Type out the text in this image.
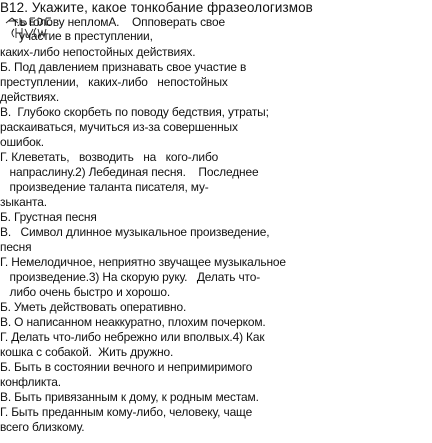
B12. Укажите, какое тонкобание фразеологизмов
т.ь голову непломА.    Опповерать свое
участие в преступлении,
каких-либо непостойных действиях.
Б. Под давлением признавать свое участие в
преступлении,   каких-либо   непостойных
действиях.
В.  Глубоко скорбеть по поводу бедствия, утраты;
раскаиваться, мучиться из-за совершенных
ошибок.
Г. Клеветать,   возводить   на   кого-либо
напраслину.2) Лебединая песня.    Последнее
произведение таланта писателя, му-
зыканта.
Б. Грустная песня
В.   Символ длинное музыкальное произведение,
песня
Г. Немелодичное, неприятно звучащее музыкальное
произведение.3) На скорую руку.   Делать что-
либо очень быстро и хорошо.
Б. Уметь действовать оперативно.
В. О написанном неаккуратно, плохим почерком.
Г. Делать что-либо небрежно или вполвых.4) Как
кошка с собакой.  Жить дружно.
Б. Быть в состоянии вечного и непримиримого
конфликта.
В. Быть привязанным к дому, к родным местам.
Г. Быть преданным кому-либо, человеку, чаще
всего близкому.
